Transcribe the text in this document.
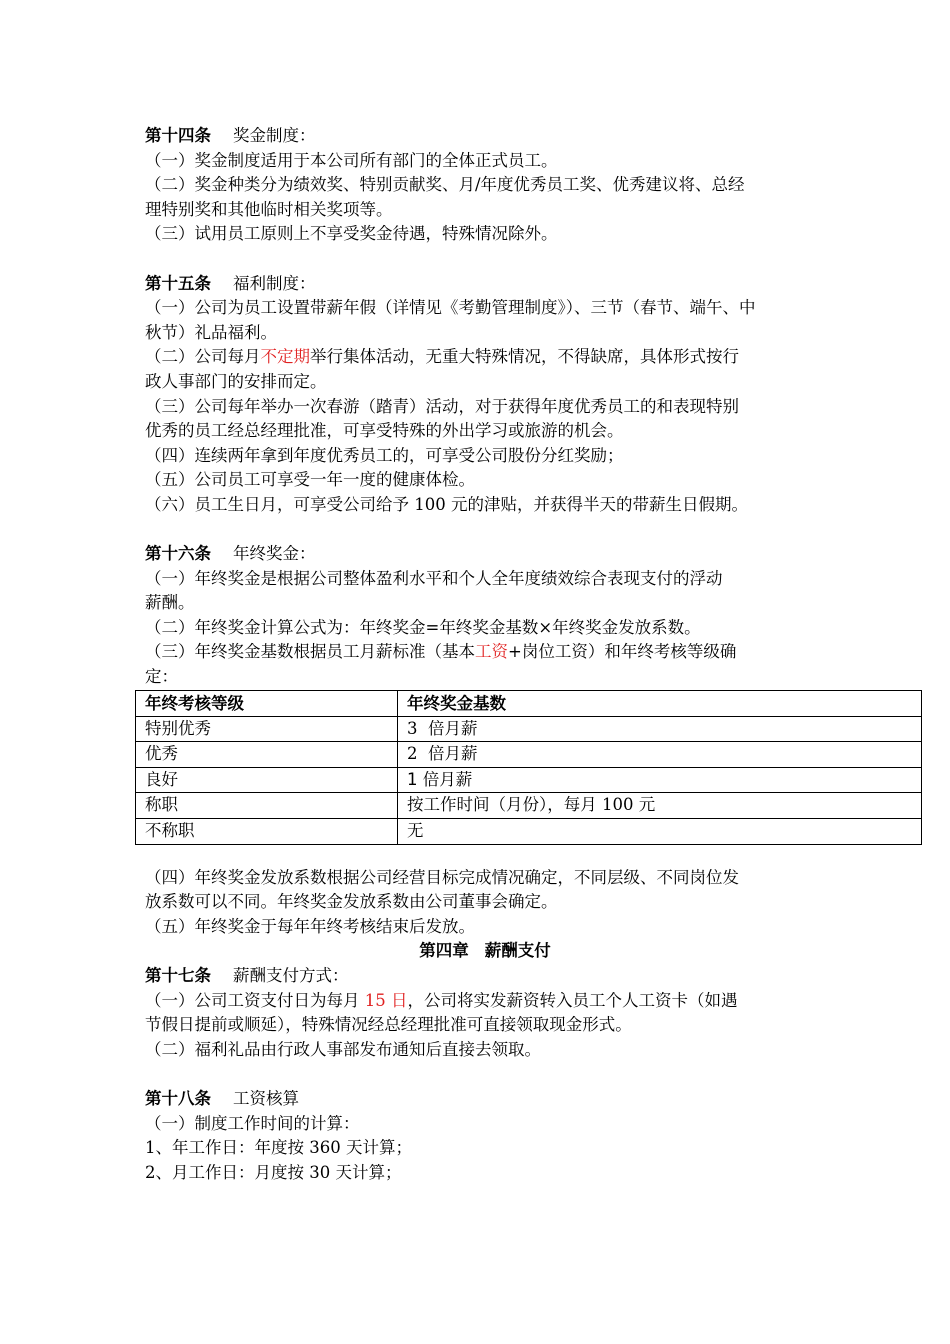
第十四条 奖金制度：
（一）奖金制度适用于本公司所有部门的全体正式员工。
（二）奖金种类分为绩效奖、特别贡献奖、月/年度优秀员工奖、优秀建议将、总经
理特别奖和其他临时相关奖项等。
（三）试用员工原则上不享受奖金待遇，特殊情况除外。
第十五条 福利制度：
（一）公司为员工设置带薪年假（详情见《考勤管理制度》）、三节（春节、端午、中
秋节）礼品福利。
（二）公司每月不定期举行集体活动，无重大特殊情况，不得缺席，具体形式按行
政人事部门的安排而定。
（三）公司每年举办一次春游（踏青）活动，对于获得年度优秀员工的和表现特别
优秀的员工经总经理批准，可享受特殊的外出学习或旅游的机会。
（四）连续两年拿到年度优秀员工的，可享受公司股份分红奖励；
（五）公司员工可享受一年一度的健康体检。
（六）员工生日月，可享受公司给予 100 元的津贴，并获得半天的带薪生日假期。
第十六条 年终奖金：
（一）年终奖金是根据公司整体盈利水平和个人全年度绩效综合表现支付的浮动
薪酬。
（二）年终奖金计算公式为：年终奖金=年终奖金基数×年终奖金发放系数。
（三）年终奖金基数根据员工月薪标准（基本工资+岗位工资）和年终考核等级确
定：
年终考核等级	年终奖金基数
特别优秀	3  倍月薪
优秀	2  倍月薪
良好	1 倍月薪
称职	按工作时间（月份），每月 100 元
不称职	无
（四）年终奖金发放系数根据公司经营目标完成情况确定，不同层级、不同岗位发
放系数可以不同。年终奖金发放系数由公司董事会确定。
（五）年终奖金于每年年终考核结束后发放。
第四章 薪酬支付
第十七条 薪酬支付方式：
（一）公司工资支付日为每月 15 日，公司将实发薪资转入员工个人工资卡（如遇
节假日提前或顺延），特殊情况经总经理批准可直接领取现金形式。
（二）福利礼品由行政人事部发布通知后直接去领取。
第十八条 工资核算
（一）制度工作时间的计算：
1、年工作日：年度按 360 天计算；
2、月工作日：月度按 30 天计算；
